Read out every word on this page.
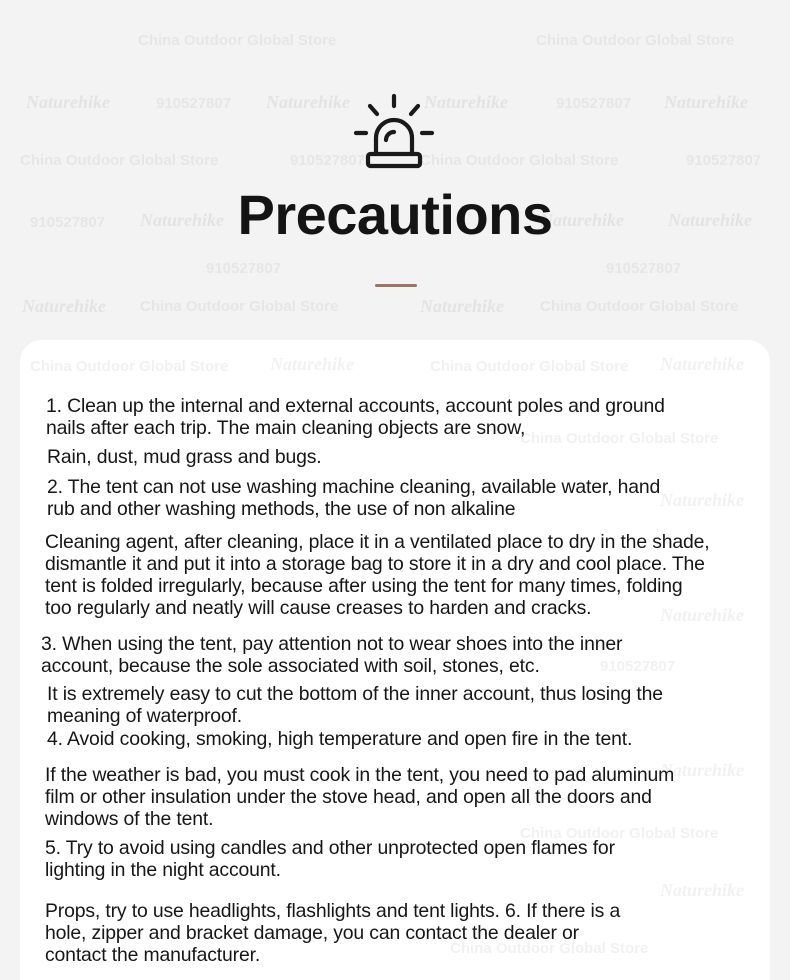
China Outdoor Global Store	China Outdoor Global Store
Naturehike	910527807 Naturehike	Naturehike	910527807 Naturehike
China Outdoor Global Store	910527807	China Outdoor Global Store	910527807
910527807 Naturehike	Naturehike Naturehike
910527807	910527807
Naturehike China Outdoor Global Store	Naturehike China Outdoor Global Store
Precautions
China Outdoor Global Store Naturehike	China Outdoor Global Store Naturehike
China Outdoor Global Store
Naturehike
Naturehike
910527807
China Outdoor Global Store
Naturehike
Naturehike
China Outdoor Global Store

1. Clean up the internal and external accounts, account poles and ground
nails after each trip. The main cleaning objects are snow,

Rain, dust, mud grass and bugs.

2. The tent can not use washing machine cleaning, available water, hand
rub and other washing methods, the use of non alkaline

Cleaning agent, after cleaning, place it in a ventilated place to dry in the shade,
dismantle it and put it into a storage bag to store it in a dry and cool place. The
tent is folded irregularly, because after using the tent for many times, folding
too regularly and neatly will cause creases to harden and cracks.

3. When using the tent, pay attention not to wear shoes into the inner
account, because the sole associated with soil, stones, etc.

It is extremely easy to cut the bottom of the inner account, thus losing the
meaning of waterproof.

4. Avoid cooking, smoking, high temperature and open fire in the tent.

If the weather is bad, you must cook in the tent, you need to pad aluminum
film or other insulation under the stove head, and open all the doors and
windows of the tent.

5. Try to avoid using candles and other unprotected open flames for
lighting in the night account.

Props, try to use headlights, flashlights and tent lights. 6. If there is a
hole, zipper and bracket damage, you can contact the dealer or
contact the manufacturer.
